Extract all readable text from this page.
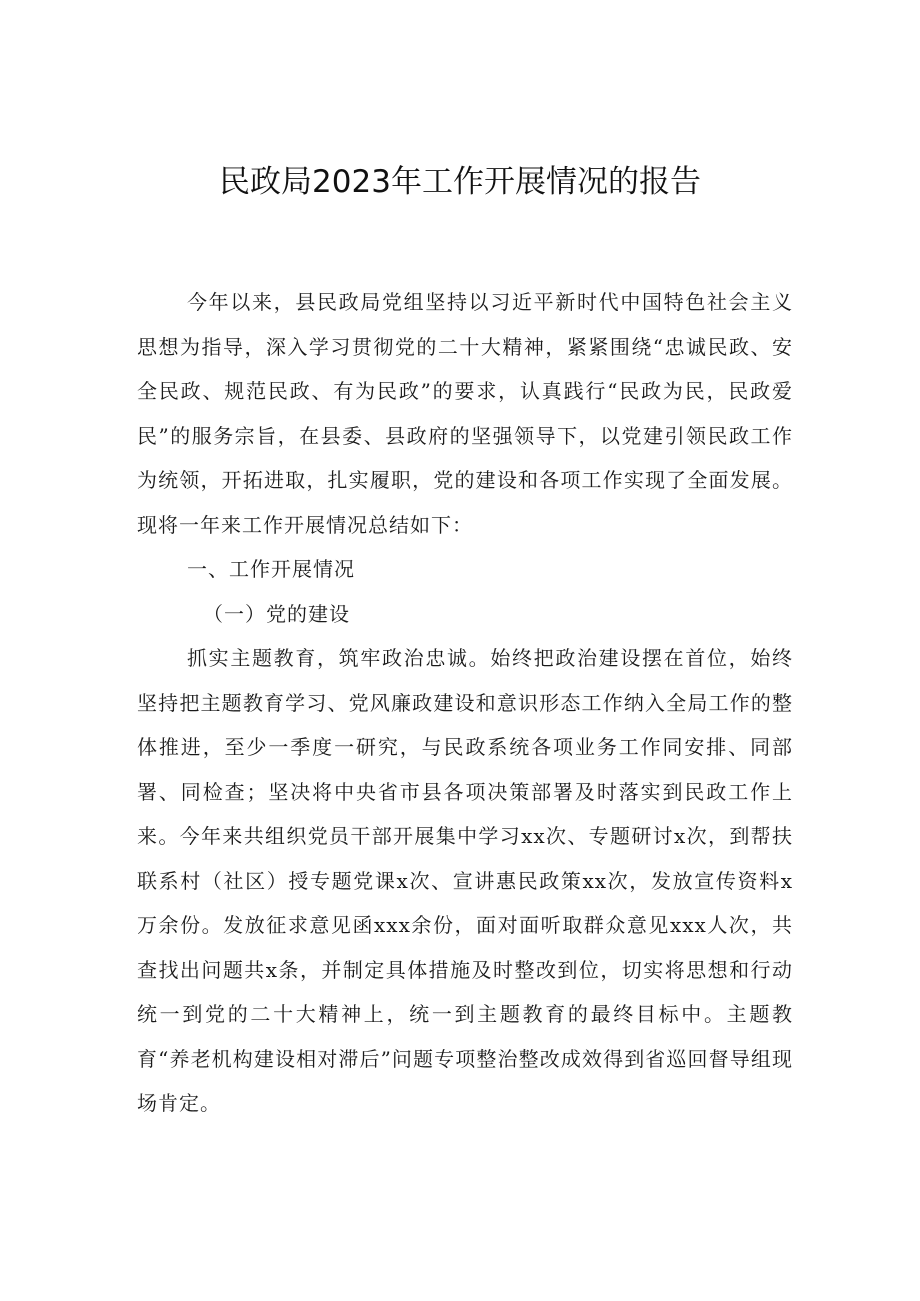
民政局2023年工作开展情况的报告

今年以来，县民政局党组坚持以习近平新时代中国特色社会主义思想为指导，深入学习贯彻党的二十大精神，紧紧围绕“忠诚民政、安全民政、规范民政、有为民政”的要求，认真践行“民政为民，民政爱民”的服务宗旨，在县委、县政府的坚强领导下，以党建引领民政工作为统领，开拓进取，扎实履职，党的建设和各项工作实现了全面发展。现将一年来工作开展情况总结如下：

一、工作开展情况

（一）党的建设

抓实主题教育，筑牢政治忠诚。始终把政治建设摆在首位，始终坚持把主题教育学习、党风廉政建设和意识形态工作纳入全局工作的整体推进，至少一季度一研究，与民政系统各项业务工作同安排、同部署、同检查；坚决将中央省市县各项决策部署及时落实到民政工作上来。今年来共组织党员干部开展集中学习xx次、专题研讨x次，到帮扶联系村（社区）授专题党课x次、宣讲惠民政策xx次，发放宣传资料x万余份。发放征求意见函xxx余份，面对面听取群众意见xxx人次，共查找出问题共x条，并制定具体措施及时整改到位，切实将思想和行动统一到党的二十大精神上，统一到主题教育的最终目标中。主题教育“养老机构建设相对滞后”问题专项整治整改成效得到省巡回督导组现场肯定。
